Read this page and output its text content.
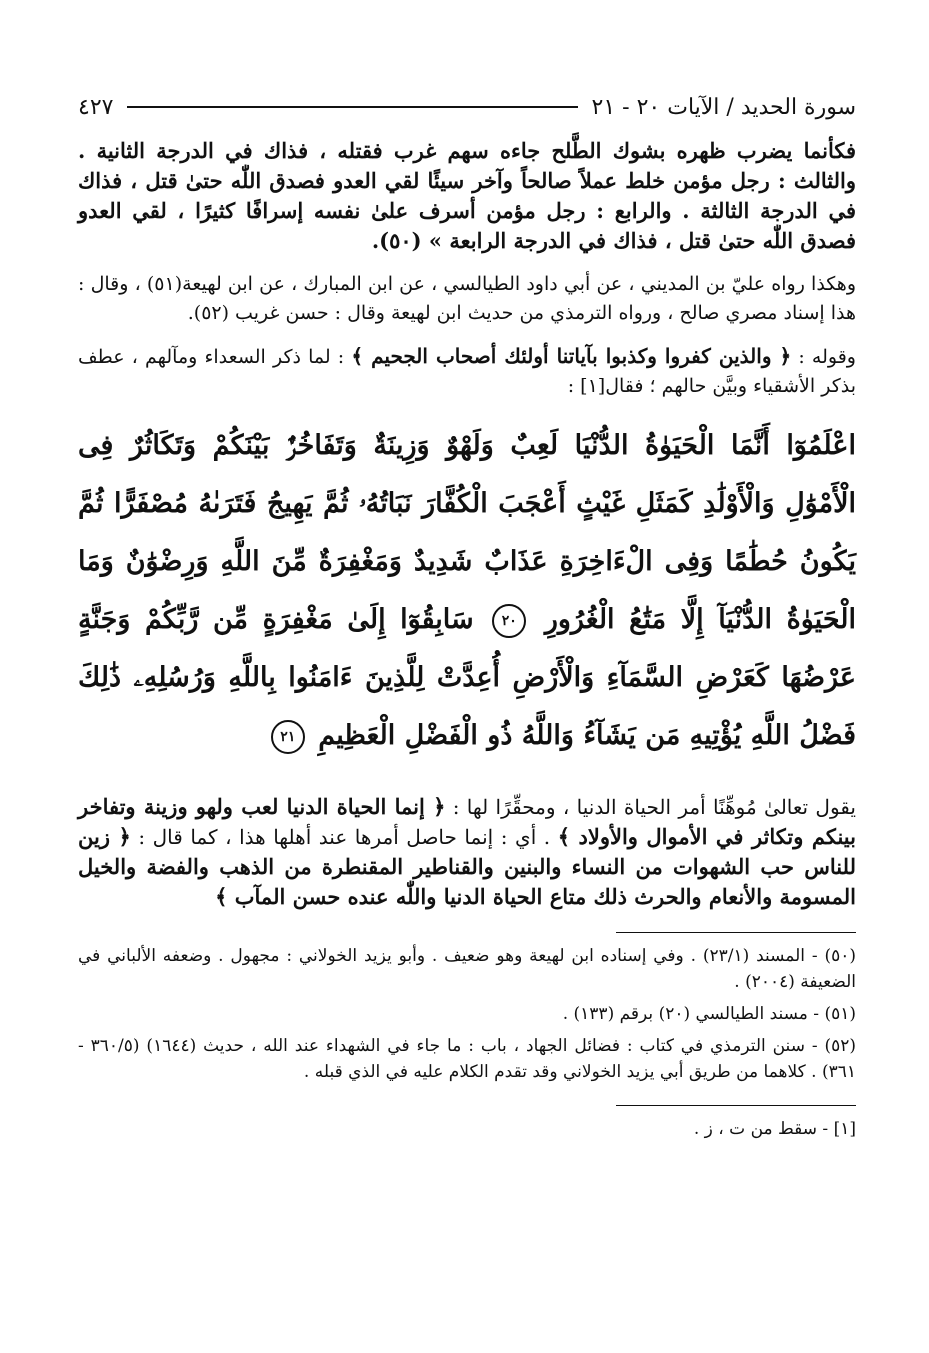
سورة الحديد / الآيات ٢٠ - ٢١
٤٢٧

فكأنما يضرب ظهره بشوك الطَّلح جاءه سهم غرب فقتله ، فذاك في الدرجة الثانية . والثالث : رجل مؤمن خلط عملاً صالحاً وآخر سيئًا لقي العدو فصدق اللّٰه حتىٰ قتل ، فذاك في الدرجة الثالثة . والرابع : رجل مؤمن أسرف علىٰ نفسه إسرافًا كثيرًا ، لقي العدو فصدق اللّٰه حتىٰ قتل ، فذاك في الدرجة الرابعة » (٥٠).

وهكذا رواه عليّ بن المديني ، عن أبي داود الطيالسي ، عن ابن المبارك ، عن ابن لهيعة(٥١) ، وقال : هذا إسناد مصري صالح ، ورواه الترمذي من حديث ابن لهيعة وقال : حسن غريب (٥٢).

وقوله : ﴿ والذين كفروا وكذبوا بآياتنا أولئك أصحاب الجحيم ﴾ : لما ذكر السعداء ومآلهم ، عطف بذكر الأشقياء وبيَّن حالهم ؛ فقال[١] :

اعْلَمُوٓا أَنَّمَا الْحَيَوٰةُ الدُّنْيَا لَعِبٌ وَلَهْوٌ وَزِينَةٌ وَتَفَاخُرٌۢ بَيْنَكُمْ وَتَكَاثُرٌ فِى الْأَمْوَٰلِ وَالْأَوْلَٰدِ كَمَثَلِ غَيْثٍ أَعْجَبَ الْكُفَّارَ نَبَاتُهُۥ ثُمَّ يَهِيجُ فَتَرَىٰهُ مُصْفَرًّا ثُمَّ يَكُونُ حُطَٰمًا وَفِى الْءَاخِرَةِ عَذَابٌ شَدِيدٌ وَمَغْفِرَةٌ مِّنَ اللَّهِ وَرِضْوَٰنٌ وَمَا الْحَيَوٰةُ الدُّنْيَآ إِلَّا مَتَٰعُ الْغُرُورِ ٢٠ سَابِقُوٓا إِلَىٰ مَغْفِرَةٍ مِّن رَّبِّكُمْ وَجَنَّةٍ عَرْضُهَا كَعَرْضِ السَّمَآءِ وَالْأَرْضِ أُعِدَّتْ لِلَّذِينَ ءَامَنُوا بِاللَّهِ وَرُسُلِهِۦ ذَٰلِكَ فَضْلُ اللَّهِ يُؤْتِيهِ مَن يَشَآءُ وَاللَّهُ ذُو الْفَضْلِ الْعَظِيمِ ٢١

يقول تعالىٰ مُوهِّنًا أمر الحياة الدنيا ، ومحقِّرًا لها : ﴿ إنما الحياة الدنيا لعب ولهو وزينة وتفاخر بينكم وتكاثر في الأموال والأولاد ﴾ . أي : إنما حاصل أمرها عند أهلها هذا ، كما قال : ﴿ زين للناس حب الشهوات من النساء والبنين والقناطير المقنطرة من الذهب والفضة والخيل المسومة والأنعام والحرث ذلك متاع الحياة الدنيا واللّٰه عنده حسن المآب ﴾

(٥٠) - المسند (٢٣/١) . وفي إسناده ابن لهيعة وهو ضعيف . وأبو يزيد الخولاني : مجهول . وضعفه الألباني في الضعيفة (٢٠٠٤) .

(٥١) - مسند الطيالسي (٢٠) برقم (١٣٣) .

(٥٢) - سنن الترمذي في كتاب : فضائل الجهاد ، باب : ما جاء في الشهداء عند الله ، حديث (١٦٤٤) (٣٦٠/٥ - ٣٦١) . كلاهما من طريق أبي يزيد الخولاني وقد تقدم الكلام عليه في الذي قبله .

[١] - سقط من ت ، ز .
